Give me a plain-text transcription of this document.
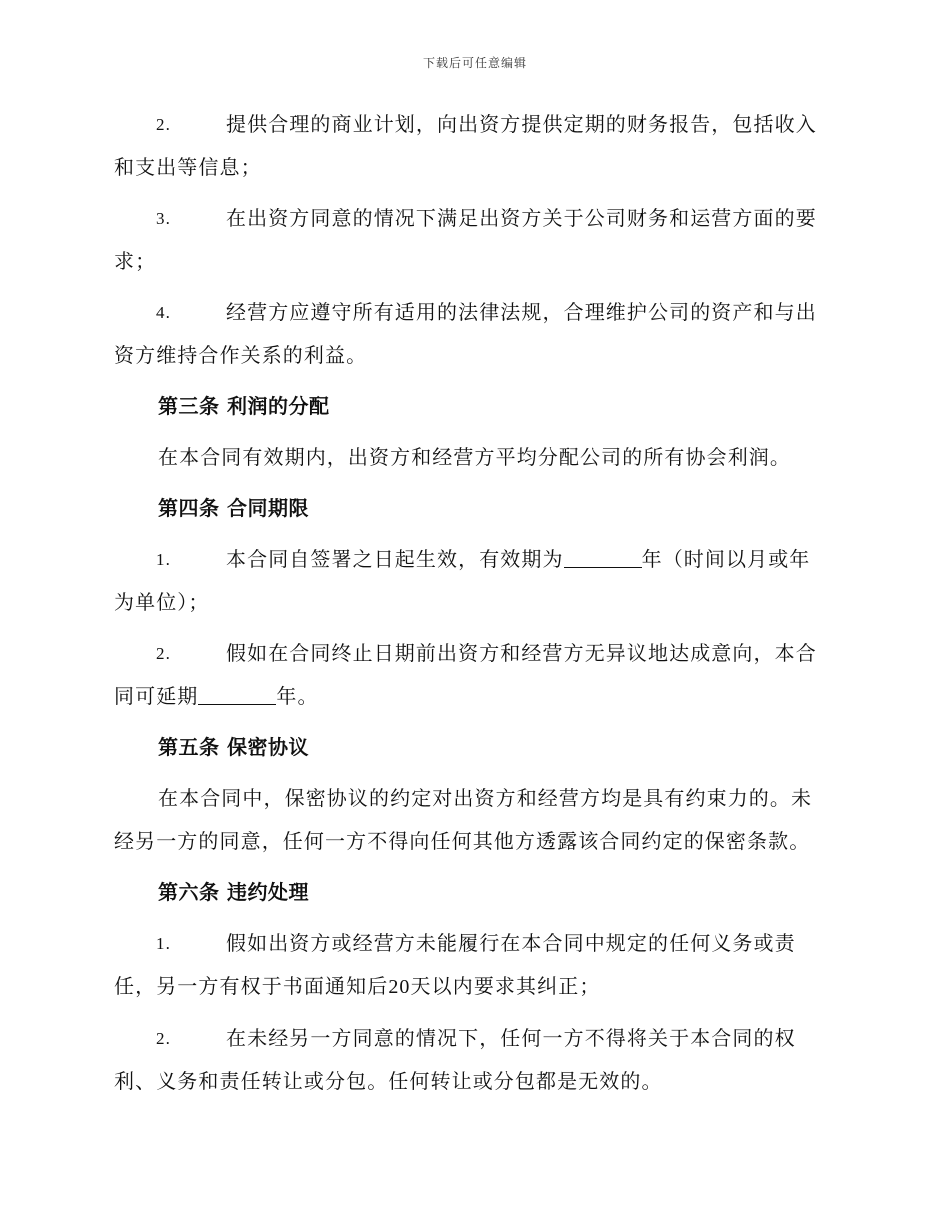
下载后可任意编辑
2.	提供合理的商业计划，向出资方提供定期的财务报告，包括收入
和支出等信息；
3.	在出资方同意的情况下满足出资方关于公司财务和运营方面的要
求；
4.	经营方应遵守所有适用的法律法规，合理维护公司的资产和与出
资方维持合作关系的利益。
第三条 利润的分配
在本合同有效期内，出资方和经营方平均分配公司的所有协会利润。
第四条 合同期限
1.	本合同自签署之日起生效，有效期为	年（时间以月或年
为单位）；
2.	假如在合同终止日期前出资方和经营方无异议地达成意向，本合
同可延期	年。
第五条 保密协议
在本合同中，保密协议的约定对出资方和经营方均是具有约束力的。未
经另一方的同意，任何一方不得向任何其他方透露该合同约定的保密条款。
第六条 违约处理
1.	假如出资方或经营方未能履行在本合同中规定的任何义务或责
任，另一方有权于书面通知后20天以内要求其纠正；
2.	在未经另一方同意的情况下，任何一方不得将关于本合同的权
利、义务和责任转让或分包。任何转让或分包都是无效的。
